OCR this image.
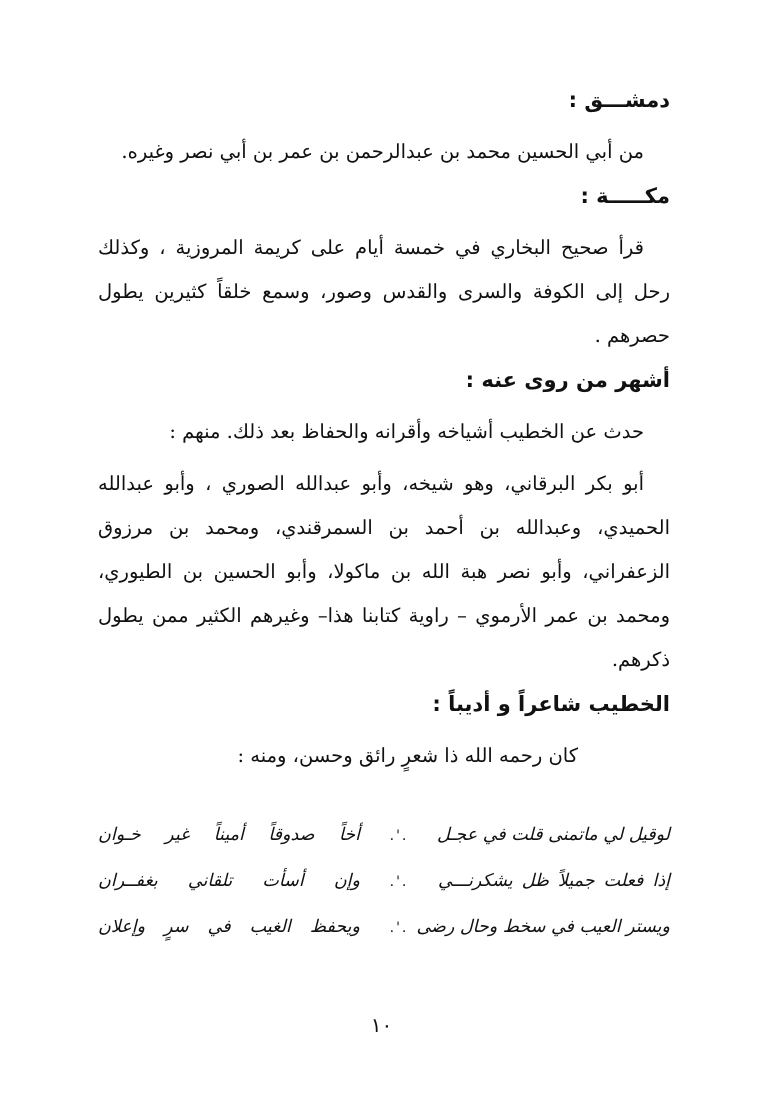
دمشـــق :

من أبي الحسين محمد بن عبدالرحمن بن عمر بن أبي نصر وغيره.

مكـــــة :

قرأ صحيح البخاري في خمسة أيام على كريمة المروزية ، وكذلك رحل إلى الكوفة والسرى والقدس وصور، وسمع خلقاً كثيرين يطول حصرهم .

أشهر من روى عنه :

حدث عن الخطيب أشياخه وأقرانه والحفاظ بعد ذلك. منهم :

أبو بكر البرقاني، وهو شيخه، وأبو عبدالله الصوري ، وأبو عبدالله الحميدي، وعبدالله بن أحمد بن السمرقندي، ومحمد بن مرزوق الزعفراني، وأبو نصر هبة الله بن ماكولا، وأبو الحسين بن الطيوري، ومحمد بن عمر الأرموي – راوية كتابنا هذا– وغيرهم الكثير ممن يطول ذكرهم.

الخطيب شاعراً و أديباً :

كان رحمه الله ذا شعرٍ رائق وحسن، ومنه :

لوقيل لي ماتمنى قلت في عجـل
.'.
أخاً صدوقاً أميناً غير خـوان
إذا فعلت جميلاً ظل يشكرنـــي
.'.
وإن أسأت تلقاني بغفــران
ويستر العيب في سخط وحال رضى
.'.
ويحفظ الغيب في سرٍ وإعلان
١٠
